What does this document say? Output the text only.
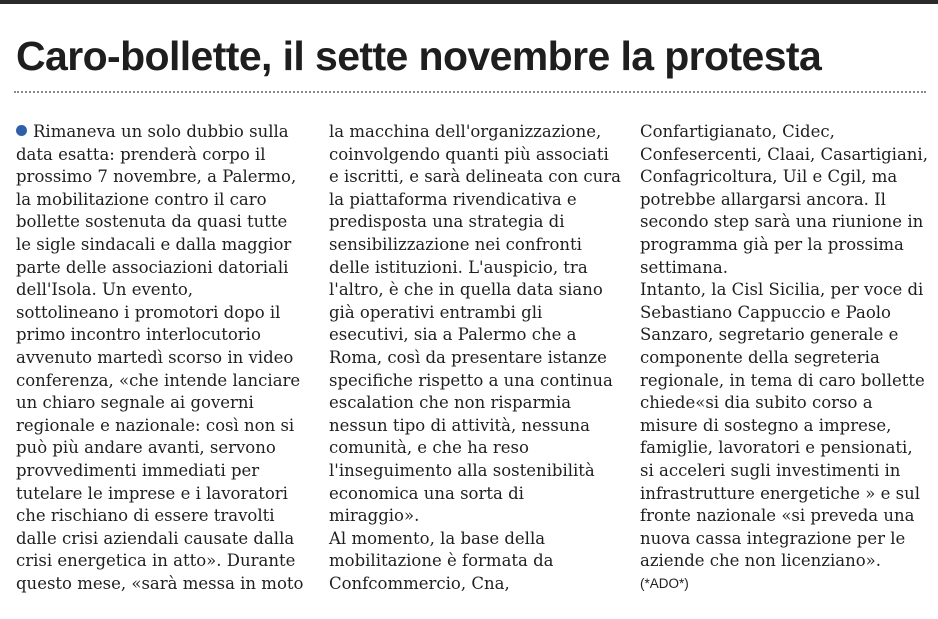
Caro-bollette, il sette novembre la protesta
Rimaneva un solo dubbio sulla
data esatta: prenderà corpo il
prossimo 7 novembre, a Palermo,
la mobilitazione contro il caro
bollette sostenuta da quasi tutte
le sigle sindacali e dalla maggior
parte delle associazioni datoriali
dell'Isola. Un evento,
sottolineano i promotori dopo il
primo incontro interlocutorio
avvenuto martedì scorso in video
conferenza, «che intende lanciare
un chiaro segnale ai governi
regionale e nazionale: così non si
può più andare avanti, servono
provvedimenti immediati per
tutelare le imprese e i lavoratori
che rischiano di essere travolti
dalle crisi aziendali causate dalla
crisi energetica in atto». Durante
questo mese, «sarà messa in moto
la macchina dell'organizzazione,
coinvolgendo quanti più associati
e iscritti, e sarà delineata con cura
la piattaforma rivendicativa e
predisposta una strategia di
sensibilizzazione nei confronti
delle istituzioni. L'auspicio, tra
l'altro, è che in quella data siano
già operativi entrambi gli
esecutivi, sia a Palermo che a
Roma, così da presentare istanze
specifiche rispetto a una continua
escalation che non risparmia
nessun tipo di attività, nessuna
comunità, e che ha reso
l'inseguimento alla sostenibilità
economica una sorta di
miraggio».
Al momento, la base della
mobilitazione è formata da
Confcommercio, Cna,
Confartigianato, Cidec,
Confesercenti, Claai, Casartigiani,
Confagricoltura, Uil e Cgil, ma
potrebbe allargarsi ancora. Il
secondo step sarà una riunione in
programma già per la prossima
settimana.
Intanto, la Cisl Sicilia, per voce di
Sebastiano Cappuccio e Paolo
Sanzaro, segretario generale e
componente della segreteria
regionale, in tema di caro bollette
chiede«si dia subito corso a
misure di sostegno a imprese,
famiglie, lavoratori e pensionati,
si acceleri sugli investimenti in
infrastrutture energetiche » e sul
fronte nazionale «si preveda una
nuova cassa integrazione per le
aziende che non licenziano».
(*ADO*)
